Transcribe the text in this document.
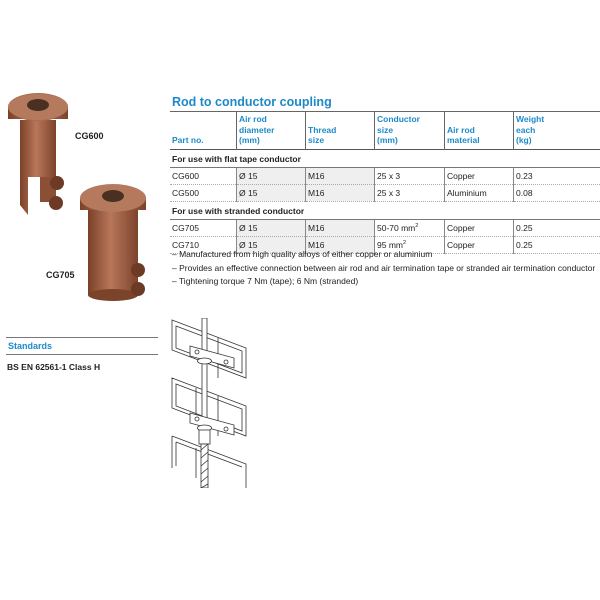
CG600
CG705
Rod to conductor coupling
Part no.	Air rod
diameter
(mm)	Thread
size	Conductor
size
(mm)	Air rod
material	Weight
each
(kg)
For use with flat tape conductor					
CG600	Ø 15	M16	25 x 3	Copper	0.23
CG500	Ø 15	M16	25 x 3	Aluminium	0.08
For use with stranded conductor					
CG705	Ø 15	M16	50-70 $mm^2$	Copper	0.25
CG710	Ø 15	M16	95 $mm^2$	Copper	0.25
– Manufactured from high quality alloys of either copper or aluminium
– Provides an effective connection between air rod and air termination tape or stranded air termination conductor
– Tightening torque 7 Nm (tape); 6 Nm (stranded)
Standards
BS EN 62561-1 Class H
